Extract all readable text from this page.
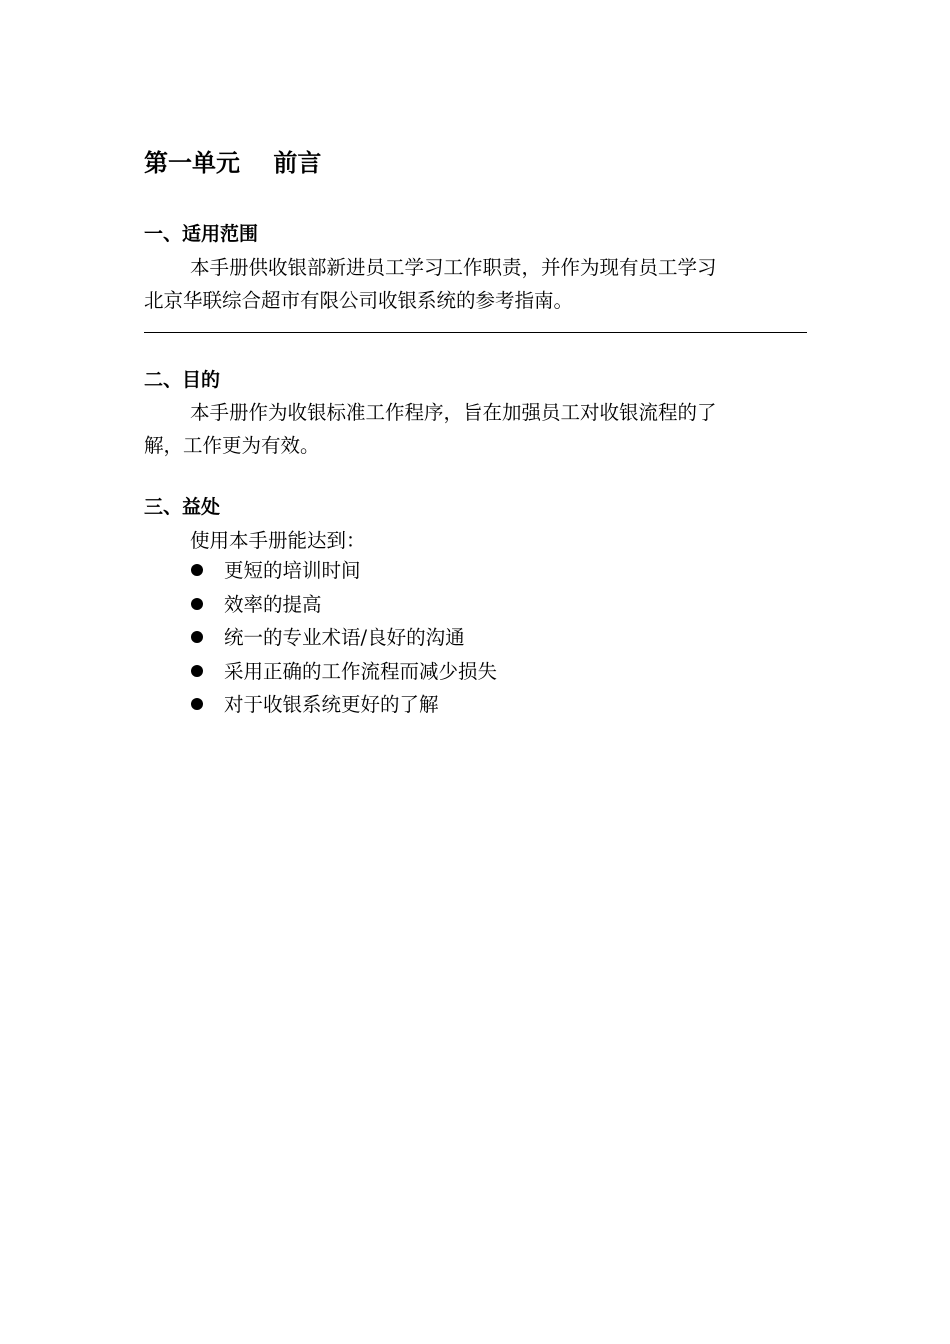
第一单元    前言
一、适用范围
本手册供收银部新进员工学习工作职责，并作为现有员工学习
北京华联综合超市有限公司收银系统的参考指南。
二、目的
本手册作为收银标准工作程序，旨在加强员工对收银流程的了
解，工作更为有效。
三、益处
使用本手册能达到：
更短的培训时间
效率的提高
统一的专业术语/良好的沟通
采用正确的工作流程而减少损失
对于收银系统更好的了解
